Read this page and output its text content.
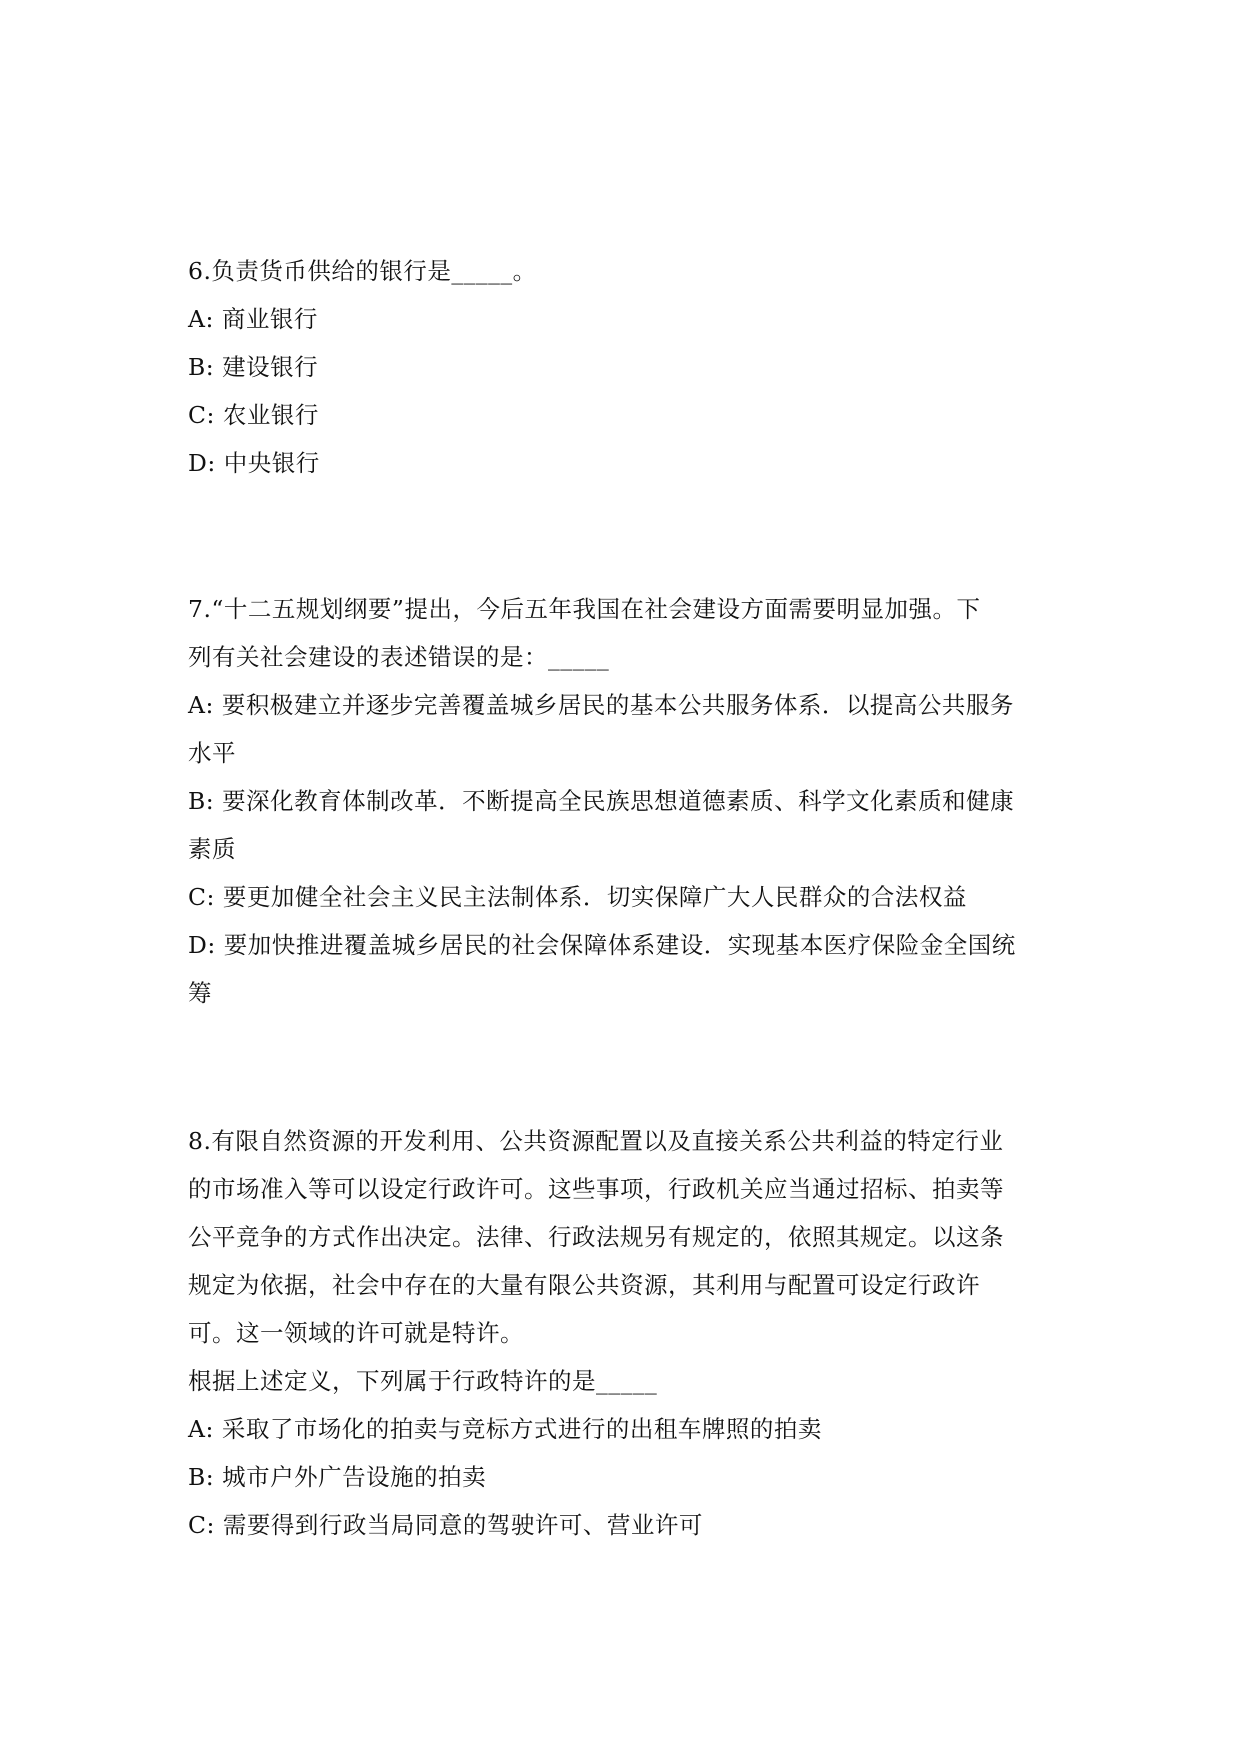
6.负责货币供给的银行是_____。
A: 商业银行
B: 建设银行
C: 农业银行
D: 中央银行
7.“十二五规划纲要”提出，今后五年我国在社会建设方面需要明显加强。下
列有关社会建设的表述错误的是：_____
A: 要积极建立并逐步完善覆盖城乡居民的基本公共服务体系．以提高公共服务
水平
B: 要深化教育体制改革．不断提高全民族思想道德素质、科学文化素质和健康
素质
C: 要更加健全社会主义民主法制体系．切实保障广大人民群众的合法权益
D: 要加快推进覆盖城乡居民的社会保障体系建设．实现基本医疗保险金全国统
筹
8.有限自然资源的开发利用、公共资源配置以及直接关系公共利益的特定行业
的市场准入等可以设定行政许可。这些事项，行政机关应当通过招标、拍卖等
公平竞争的方式作出决定。法律、行政法规另有规定的，依照其规定。以这条
规定为依据，社会中存在的大量有限公共资源，其利用与配置可设定行政许
可。这一领域的许可就是特许。
根据上述定义，下列属于行政特许的是_____
A: 采取了市场化的拍卖与竞标方式进行的出租车牌照的拍卖
B: 城市户外广告设施的拍卖
C: 需要得到行政当局同意的驾驶许可、营业许可
